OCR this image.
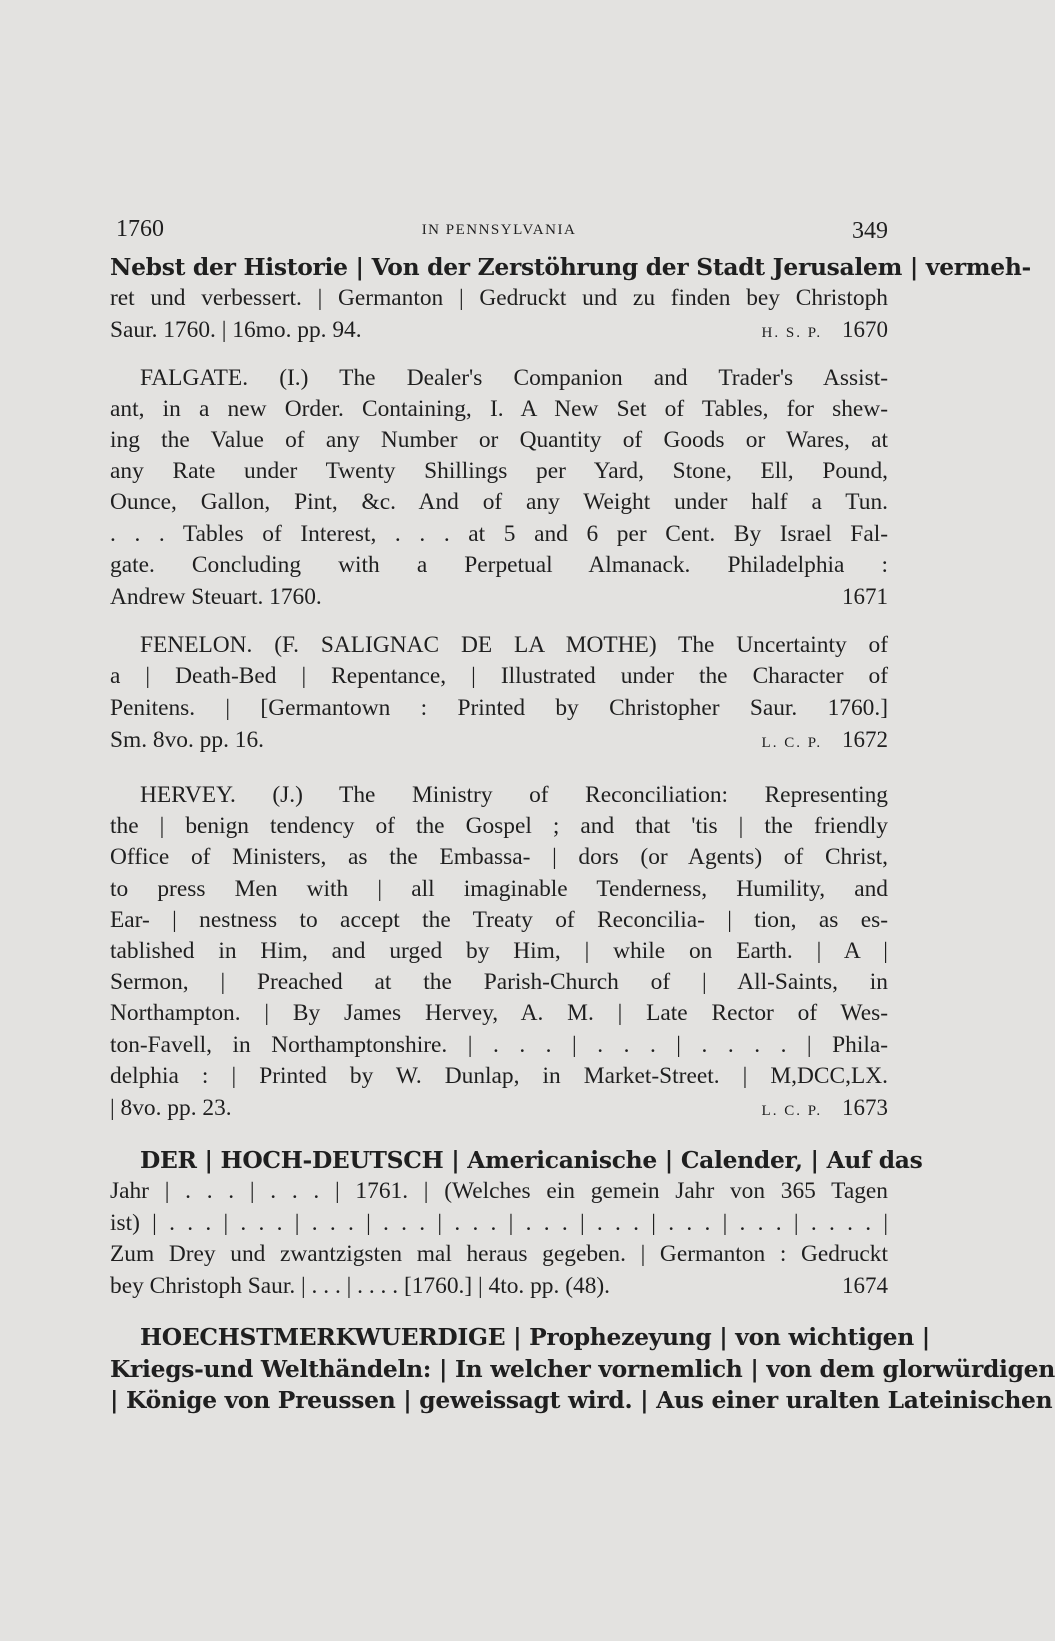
1760	IN PENNSYLVANIA	349
Nebst der Historie | Von der Zerstöhrung der Stadt Jerusalem | vermeh-
ret und verbessert. | Germanton | Gedruckt und zu finden bey Christoph
Saur. 1760. | 16mo. pp. 94.	H. S. P. 1670
FALGATE. (I.) The Dealer's Companion and Trader's Assist-
ant, in a new Order. Containing, I. A New Set of Tables, for shew-
ing the Value of any Number or Quantity of Goods or Wares, at
any Rate under Twenty Shillings per Yard, Stone, Ell, Pound,
Ounce, Gallon, Pint, &c. And of any Weight under half a Tun.
. . . Tables of Interest, . . . at 5 and 6 per Cent. By Israel Fal-
gate. Concluding with a Perpetual Almanack. Philadelphia :
Andrew Steuart. 1760.	1671
FENELON. (F. SALIGNAC DE LA MOTHE) The Uncertainty of
a | Death-Bed | Repentance, | Illustrated under the Character of
Penitens. | [Germantown : Printed by Christopher Saur. 1760.]
Sm. 8vo. pp. 16.	L. C. P. 1672
HERVEY. (J.) The Ministry of Reconciliation: Representing
the | benign tendency of the Gospel ; and that 'tis | the friendly
Office of Ministers, as the Embassa- | dors (or Agents) of Christ,
to press Men with | all imaginable Tenderness, Humility, and
Ear- | nestness to accept the Treaty of Reconcilia- | tion, as es-
tablished in Him, and urged by Him, | while on Earth. | A |
Sermon, | Preached at the Parish-Church of | All-Saints, in
Northampton. | By James Hervey, A. M. | Late Rector of Wes-
ton-Favell, in Northamptonshire. | . . . | . . . | . . . . | Phila-
delphia : | Printed by W. Dunlap, in Market-Street. | M,DCC,LX.
| 8vo. pp. 23.	L. C. P. 1673
DER | HOCH-DEUTSCH | Americanische | Calender, | Auf das
Jahr | . . . | . . . | 1761. | (Welches ein gemein Jahr von 365 Tagen
ist) | . . . | . . . | . . . | . . . | . . . | . . . | . . . | . . . | . . . | . . . . |
Zum Drey und zwantzigsten mal heraus gegeben. | Germanton : Gedruckt
bey Christoph Saur. | . . . | . . . . [1760.] | 4to. pp. (48).	1674
HOECHSTMERKWUERDIGE | Prophezeyung | von wichtigen |
Kriegs-und Welthändeln: | In welcher vornemlich | von dem glorwürdigen
| Könige von Preussen | geweissagt wird. | Aus einer uralten Lateinischen
